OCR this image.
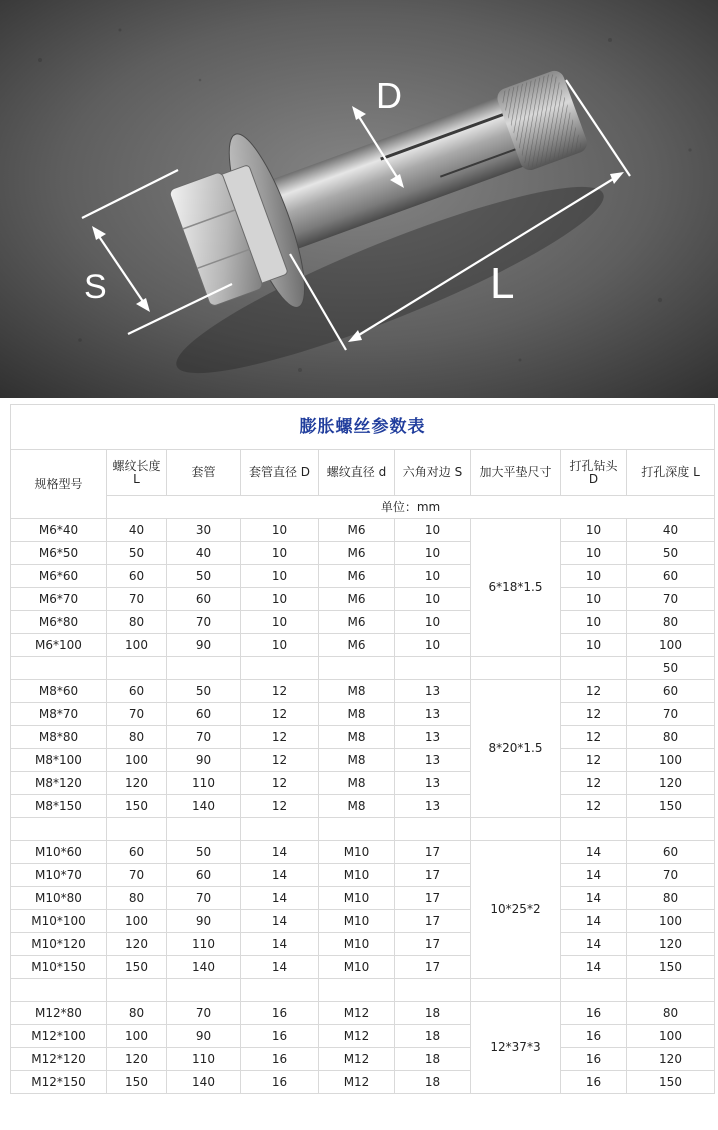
D
S	L
膨胀螺丝参数表								
规格型号	螺纹长度 L	套管	套管直径 D	螺纹直径 d	六角对边 S	加大平垫尺寸	打孔钻头 D	打孔深度 L
	单位：mm							
M6*40	40	30	10	M6	10	6*18*1.5	10	40
M6*50	50	40	10	M6	10		10	50
M6*60	60	50	10	M6	10		10	60
M6*70	70	60	10	M6	10		10	70
M6*80	80	70	10	M6	10		10	80
M6*100	100	90	10	M6	10		10	100
								50
M8*60	60	50	12	M8	13	8*20*1.5	12	60
M8*70	70	60	12	M8	13		12	70
M8*80	80	70	12	M8	13		12	80
M8*100	100	90	12	M8	13		12	100
M8*120	120	110	12	M8	13		12	120
M8*150	150	140	12	M8	13		12	150

M10*60	60	50	14	M10	17	10*25*2	14	60
M10*70	70	60	14	M10	17		14	70
M10*80	80	70	14	M10	17		14	80
M10*100	100	90	14	M10	17		14	100
M10*120	120	110	14	M10	17		14	120
M10*150	150	140	14	M10	17		14	150

M12*80	80	70	16	M12	18	12*37*3	16	80
M12*100	100	90	16	M12	18		16	100
M12*120	120	110	16	M12	18		16	120
M12*150	150	140	16	M12	18		16	150
